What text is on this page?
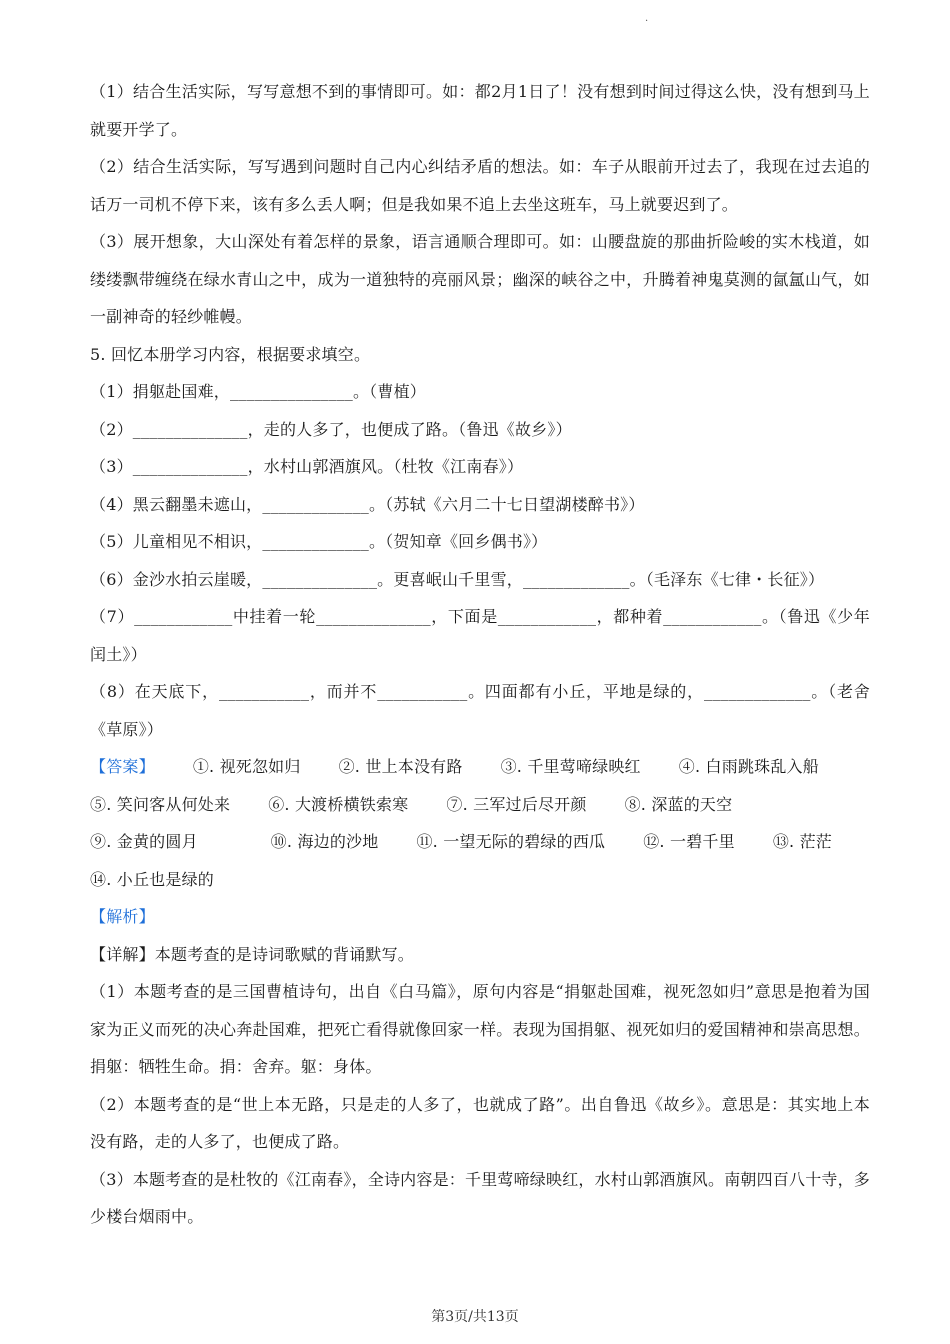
.

（1）结合生活实际，写写意想不到的事情即可。如：都2月1日了！没有想到时间过得这么快，没有想到马上就要开学了。

（2）结合生活实际，写写遇到问题时自己内心纠结矛盾的想法。如：车子从眼前开过去了，我现在过去追的话万一司机不停下来，该有多么丢人啊；但是我如果不追上去坐这班车，马上就要迟到了。

（3）展开想象，大山深处有着怎样的景象，语言通顺合理即可。如：山腰盘旋的那曲折险峻的实木栈道，如缕缕飘带缠绕在绿水青山之中，成为一道独特的亮丽风景；幽深的峡谷之中，升腾着神鬼莫测的氤氲山气，如一副神奇的轻纱帷幔。

5. 回忆本册学习内容，根据要求填空。

（1）捐躯赴国难，_______________。（曹植）

（2）______________，走的人多了，也便成了路。（鲁迅《故乡》）

（3）______________，水村山郭酒旗风。（杜牧《江南春》）

（4）黑云翻墨未遮山，_____________。（苏轼《六月二十七日望湖楼醉书》）

（5）儿童相见不相识，_____________。（贺知章《回乡偶书》）

（6）金沙水拍云崖暖，______________。更喜岷山千里雪，_____________。（毛泽东《七律・长征》）

（7）____________中挂着一轮______________，下面是____________，都种着____________。（鲁迅《少年闰土》）

（8）在天底下，___________，而并不___________。四面都有小丘，平地是绿的，_____________。（老舍《草原》）

【答案】 ①. 视死忽如归 ②. 世上本没有路 ③. 千里莺啼绿映红 ④. 白雨跳珠乱入船 ⑤. 笑问客从何处来 ⑥. 大渡桥横铁索寒 ⑦. 三军过后尽开颜 ⑧. 深蓝的天空⑨. 金黄的圆月	⑩. 海边的沙地 ⑪. 一望无际的碧绿的西瓜 ⑫. 一碧千里 ⑬. 茫茫⑭. 小丘也是绿的

【解析】

【详解】本题考查的是诗词歌赋的背诵默写。

（1）本题考查的是三国曹植诗句，出自《白马篇》，原句内容是“捐躯赴国难，视死忽如归”意思是抱着为国家为正义而死的决心奔赴国难，把死亡看得就像回家一样。表现为国捐躯、视死如归的爱国精神和崇高思想。捐躯：牺牲生命。捐：舍弃。躯：身体。

（2）本题考查的是“世上本无路，只是走的人多了，也就成了路”。出自鲁迅《故乡》。意思是：其实地上本没有路，走的人多了，也便成了路。

（3）本题考查的是杜牧的《江南春》，全诗内容是：千里莺啼绿映红，水村山郭酒旗风。南朝四百八十寺，多少楼台烟雨中。

第3页/共13页
